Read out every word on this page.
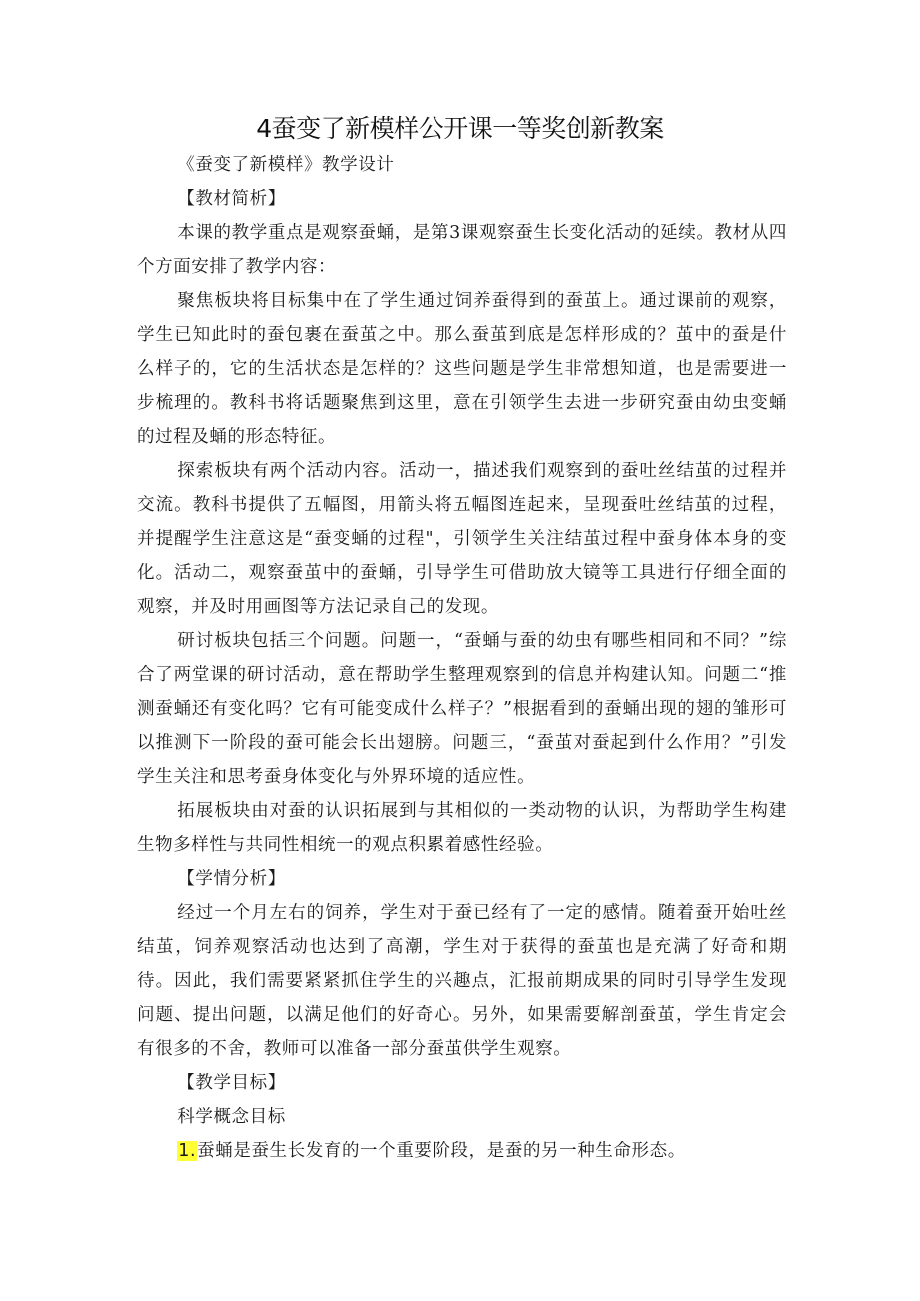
4蚕变了新模样公开课一等奖创新教案

《蚕变了新模样》教学设计

【教材简析】

本课的教学重点是观察蚕蛹，是第3课观察蚕生长变化活动的延续。教材从四个方面安排了教学内容：

聚焦板块将目标集中在了学生通过饲养蚕得到的蚕茧上。通过课前的观察，学生已知此时的蚕包裹在蚕茧之中。那么蚕茧到底是怎样形成的？茧中的蚕是什么样子的，它的生活状态是怎样的？这些问题是学生非常想知道，也是需要进一步梳理的。教科书将话题聚焦到这里，意在引领学生去进一步研究蚕由幼虫变蛹的过程及蛹的形态特征。

探索板块有两个活动内容。活动一，描述我们观察到的蚕吐丝结茧的过程并交流。教科书提供了五幅图，用箭头将五幅图连起来，呈现蚕吐丝结茧的过程，并提醒学生注意这是“蚕变蛹的过程"，引领学生关注结茧过程中蚕身体本身的变化。活动二，观察蚕茧中的蚕蛹，引导学生可借助放大镜等工具进行仔细全面的观察，并及时用画图等方法记录自己的发现。

研讨板块包括三个问题。问题一，“蚕蛹与蚕的幼虫有哪些相同和不同？”综合了两堂课的研讨活动，意在帮助学生整理观察到的信息并构建认知。问题二“推测蚕蛹还有变化吗？它有可能变成什么样子？”根据看到的蚕蛹出现的翅的雏形可以推测下一阶段的蚕可能会长出翅膀。问题三，“蚕茧对蚕起到什么作用？”引发学生关注和思考蚕身体变化与外界环境的适应性。

拓展板块由对蚕的认识拓展到与其相似的一类动物的认识，为帮助学生构建生物多样性与共同性相统一的观点积累着感性经验。

【学情分析】

经过一个月左右的饲养，学生对于蚕已经有了一定的感情。随着蚕开始吐丝结茧，饲养观察活动也达到了高潮，学生对于获得的蚕茧也是充满了好奇和期待。因此，我们需要紧紧抓住学生的兴趣点，汇报前期成果的同时引导学生发现问题、提出问题，以满足他们的好奇心。另外，如果需要解剖蚕茧，学生肯定会有很多的不舍，教师可以准备一部分蚕茧供学生观察。

【教学目标】

科学概念目标

1.蚕蛹是蚕生长发育的一个重要阶段，是蚕的另一种生命形态。
